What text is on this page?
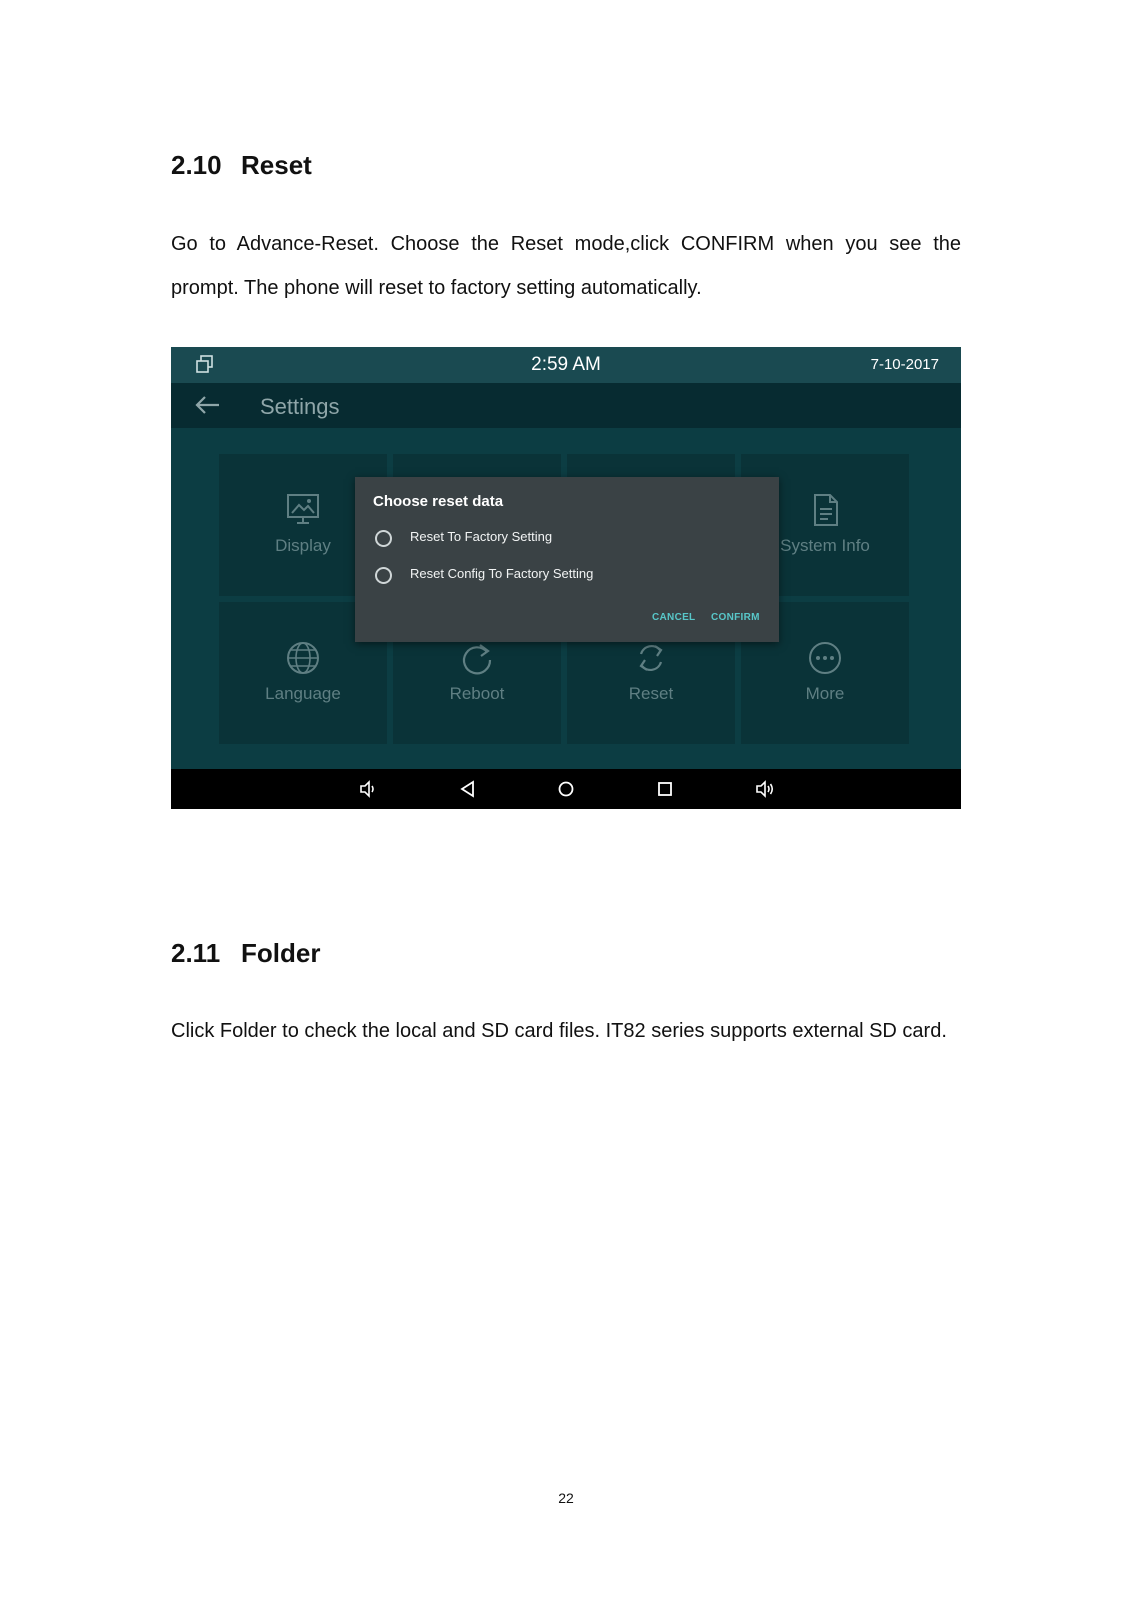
2.10 Reset

Go to Advance-Reset. Choose the Reset mode,click CONFIRM when you see the prompt. The phone will reset to factory setting automatically.

2:59 AM	7-10-2017
Settings
Display	System Info
Language	Reboot	Reset	More
Choose reset data
Reset To Factory Setting
Reset Config To Factory Setting
CANCEL CONFIRM
2.11 Folder

Click Folder to check the local and SD card files. IT82 series supports external SD card.

22
